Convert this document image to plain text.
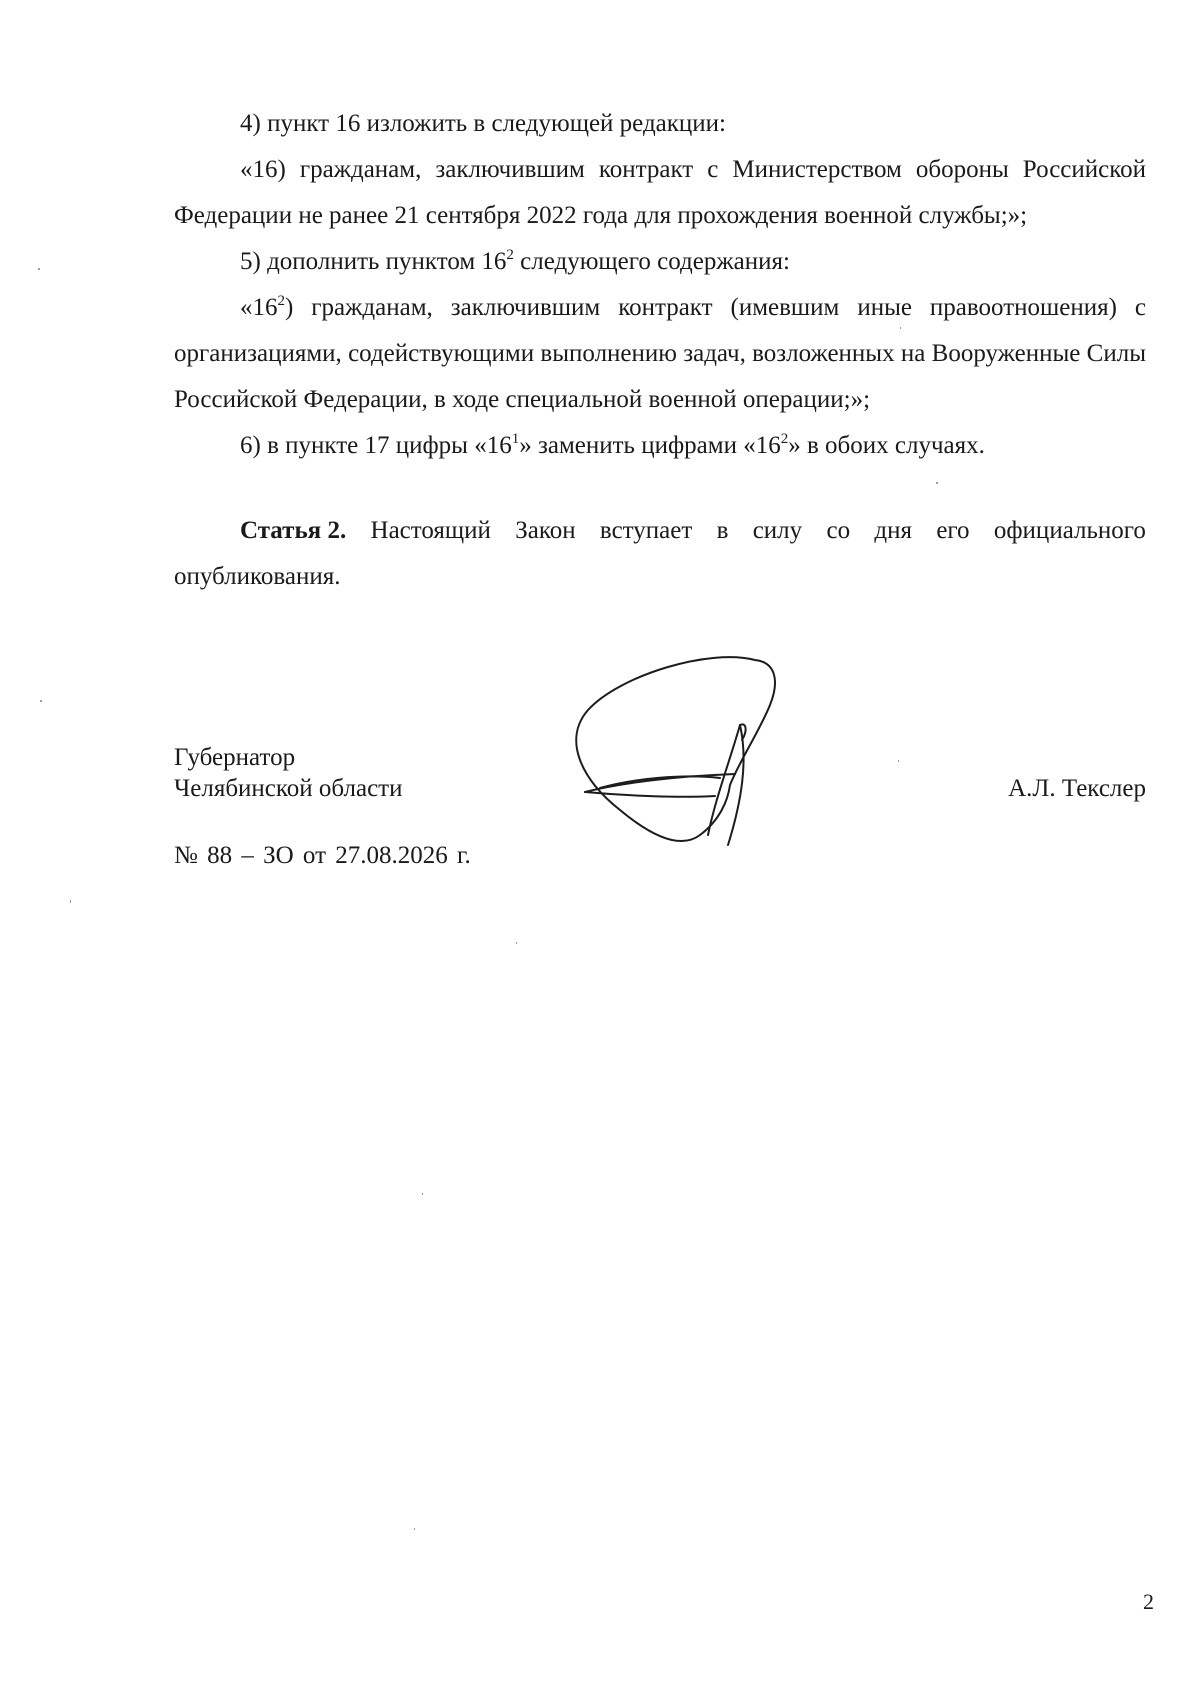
4) пункт 16 изложить в следующей редакции:

«16) гражданам, заключившим контракт с Министерством обороны Российской

Федерации не ранее 21 сентября 2022 года для прохождения военной службы;»;

5) дополнить пунктом $16^2$ следующего содержания:

«$16^2$) гражданам, заключившим контракт (имевшим иные правоотношения) с организациями, содействующими выполнению задач, возложенных на Вооруженные Силы Российской Федерации, в ходе специальной военной операции;»;

6) в пункте 17 цифры «$16^1$» заменить цифрами «$16^2$» в обоих случаях.

Статья 2. Настоящий Закон вступает в силу со дня его официального
опубликования.
Губернатор
Челябинской области	А.Л. Текслер
№ 88 – ЗО от 27.08.2026 г.
2
